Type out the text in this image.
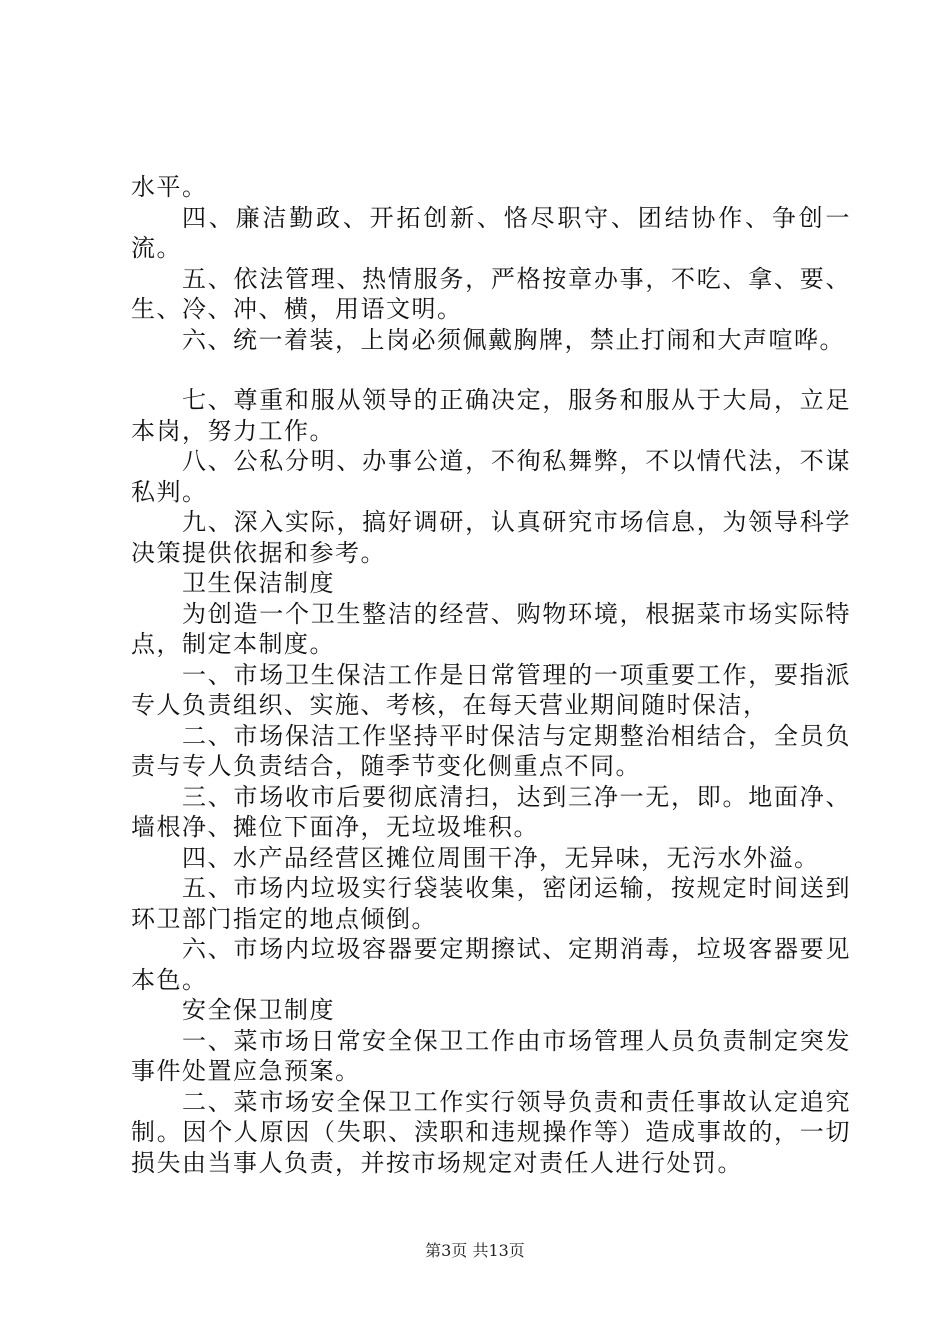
水平。

四、廉洁勤政、开拓创新、恪尽职守、团结协作、争创一流。

五、依法管理、热情服务，严格按章办事，不吃、拿、要、生、冷、冲、横，用语文明。

六、统一着装，上岗必须佩戴胸牌，禁止打闹和大声喧哗。

七、尊重和服从领导的正确决定，服务和服从于大局，立足本岗，努力工作。

八、公私分明、办事公道，不徇私舞弊，不以情代法，不谋私判。

九、深入实际，搞好调研，认真研究市场信息，为领导科学决策提供依据和参考。

卫生保洁制度

为创造一个卫生整洁的经营、购物环境，根据菜市场实际特点，制定本制度。

一、市场卫生保洁工作是日常管理的一项重要工作，要指派专人负责组织、实施、考核，在每天营业期间随时保洁，

二、市场保洁工作坚持平时保洁与定期整治相结合，全员负责与专人负责结合，随季节变化侧重点不同。

三、市场收市后要彻底清扫，达到三净一无，即。地面净、墙根净、摊位下面净，无垃圾堆积。

四、水产品经营区摊位周围干净，无异味，无污水外溢。

五、市场内垃圾实行袋装收集，密闭运输，按规定时间送到环卫部门指定的地点倾倒。

六、市场内垃圾容器要定期擦试、定期消毒，垃圾客器要见本色。

安全保卫制度

一、菜市场日常安全保卫工作由市场管理人员负责制定突发事件处置应急预案。

二、菜市场安全保卫工作实行领导负责和责任事故认定追究制。因个人原因（失职、渎职和违规操作等）造成事故的，一切损失由当事人负责，并按市场规定对责任人进行处罚。

第3页 共13页
